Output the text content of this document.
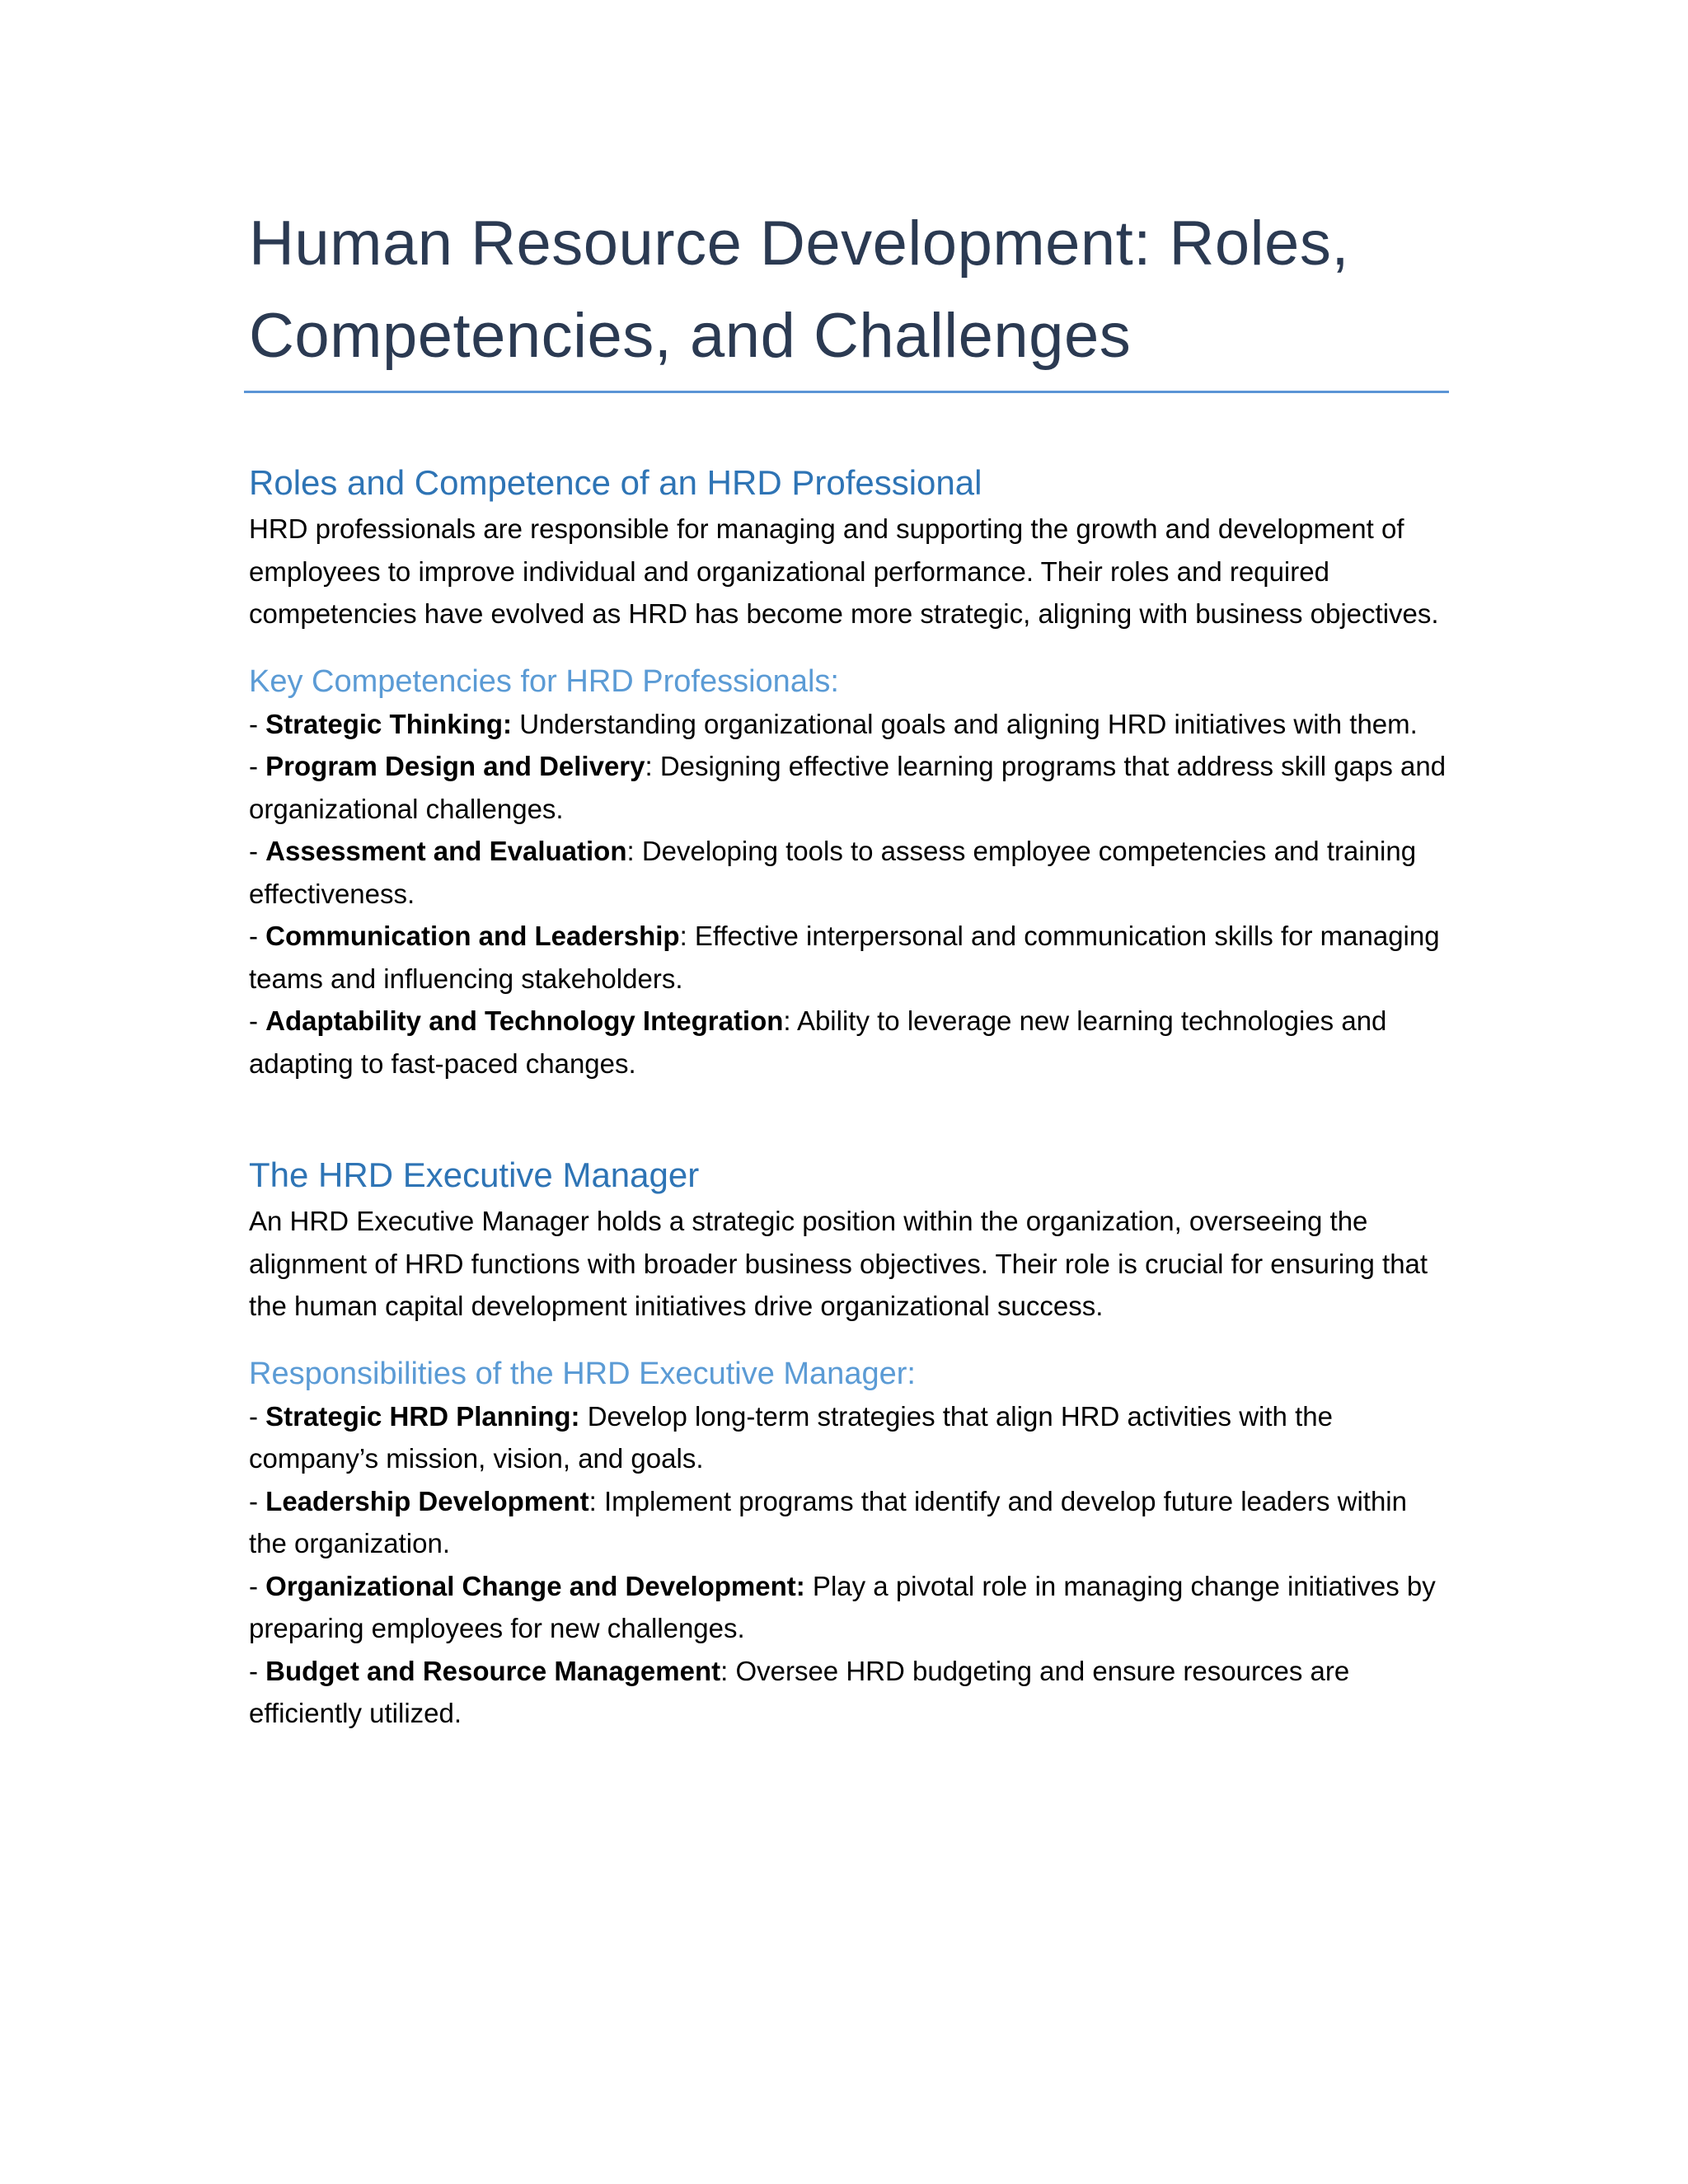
Human Resource Development: Roles, Competencies, and Challenges
Roles and Competence of an HRD Professional

HRD professionals are responsible for managing and supporting the growth and development of employees to improve individual and organizational performance. Their roles and required competencies have evolved as HRD has become more strategic, aligning with business objectives.

Key Competencies for HRD Professionals:

- Strategic Thinking: Understanding organizational goals and aligning HRD initiatives with them.

- Program Design and Delivery: Designing effective learning programs that address skill gaps and organizational challenges.

- Assessment and Evaluation: Developing tools to assess employee competencies and training effectiveness.

- Communication and Leadership: Effective interpersonal and communication skills for managing teams and influencing stakeholders.

- Adaptability and Technology Integration: Ability to leverage new learning technologies and adapting to fast-paced changes.

The HRD Executive Manager

An HRD Executive Manager holds a strategic position within the organization, overseeing the alignment of HRD functions with broader business objectives. Their role is crucial for ensuring that the human capital development initiatives drive organizational success.

Responsibilities of the HRD Executive Manager:

- Strategic HRD Planning: Develop long-term strategies that align HRD activities with the company’s mission, vision, and goals.

- Leadership Development: Implement programs that identify and develop future leaders within the organization.

- Organizational Change and Development: Play a pivotal role in managing change initiatives by preparing employees for new challenges.

- Budget and Resource Management: Oversee HRD budgeting and ensure resources are efficiently utilized.
